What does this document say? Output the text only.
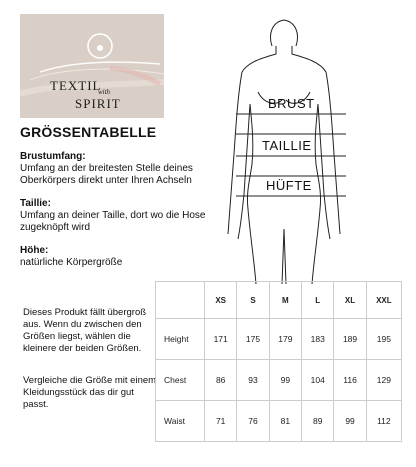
TEXTIL
with
SPIRIT
GRÖSSENTABELLE
Brustumfang:
Umfang an der breitesten Stelle deines Oberkörpers direkt unter Ihren Achseln
Taillie:
Umfang an deiner Taille, dort wo die Hose zugeknöpft wird
Höhe:
natürliche Körpergröße
BRUST
TAILLIE
HÜFTE
Dieses Produkt fällt übergroß aus. Wenn du zwischen den Größen liegst, wählen die kleinere der beiden Größen.
Vergleiche die Größe mit einem Kleidungsstück das dir gut passt.
	XS	S	M	L	XL	XXL
Height	171	175	179	183	189	195
Chest	86	93	99	104	116	129
Waist	71	76	81	89	99	112
